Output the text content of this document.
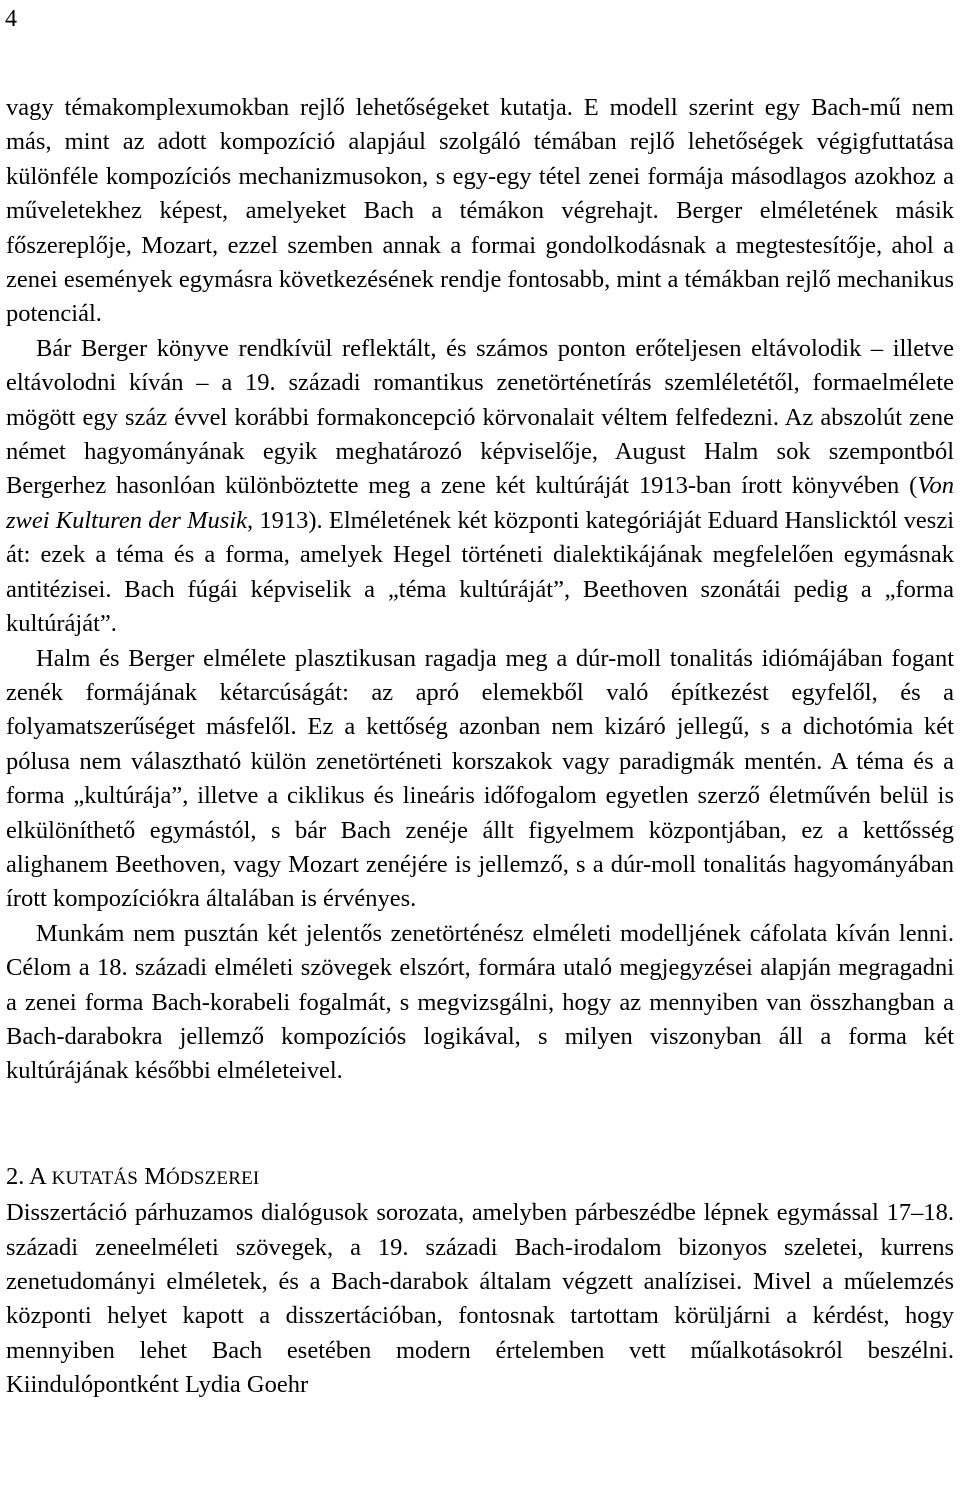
4

vagy témakomplexumokban rejlő lehetőségeket kutatja. E modell szerint egy Bach-mű nem más, mint az adott kompozíció alapjául szolgáló témában rejlő lehetőségek végigfuttatása különféle kompozíciós mechanizmusokon, s egy-egy tétel zenei formája másodlagos azokhoz a műveletekhez képest, amelyeket Bach a témákon végrehajt. Berger elméletének másik főszereplője, Mozart, ezzel szemben annak a formai gondolkodásnak a megtestesítője, ahol a zenei események egymásra következésének rendje fontosabb, mint a témákban rejlő mechanikus potenciál.

Bár Berger könyve rendkívül reflektált, és számos ponton erőteljesen eltávolodik – illetve eltávolodni kíván – a 19. századi romantikus zenetörténetírás szemléletétől, formaelmélete mögött egy száz évvel korábbi formakoncepció körvonalait véltem felfedezni. Az abszolút zene német hagyományának egyik meghatározó képviselője, August Halm sok szempontból Bergerhez hasonlóan különböztette meg a zene két kultúráját 1913-ban írott könyvében (Von zwei Kulturen der Musik, 1913). Elméletének két központi kategóriáját Eduard Hanslicktól veszi át: ezek a téma és a forma, amelyek Hegel történeti dialektikájának megfelelően egymásnak antitézisei. Bach fúgái képviselik a „téma kultúráját”, Beethoven szonátái pedig a „forma kultúráját”.

Halm és Berger elmélete plasztikusan ragadja meg a dúr-moll tonalitás idiómájában fogant zenék formájának kétarcúságát: az apró elemekből való építkezést egyfelől, és a folyamatszerűséget másfelől. Ez a kettőség azonban nem kizáró jellegű, s a dichotómia két pólusa nem választható külön zenetörténeti korszakok vagy paradigmák mentén. A téma és a forma „kultúrája”, illetve a ciklikus és lineáris időfogalom egyetlen szerző életművén belül is elkülöníthető egymástól, s bár Bach zenéje állt figyelmem központjában, ez a kettősség alighanem Beethoven, vagy Mozart zenéjére is jellemző, s a dúr-moll tonalitás hagyományában írott kompozíciókra általában is érvényes.

Munkám nem pusztán két jelentős zenetörténész elméleti modelljének cáfolata kíván lenni. Célom a 18. századi elméleti szövegek elszórt, formára utaló megjegyzései alapján megragadni a zenei forma Bach-korabeli fogalmát, s megvizsgálni, hogy az mennyiben van összhangban a Bach-darabokra jellemző kompozíciós logikával, s milyen viszonyban áll a forma két kultúrájának későbbi elméleteivel.

2. A KUTATÁS MÓDSZEREI

Disszertáció párhuzamos dialógusok sorozata, amelyben párbeszédbe lépnek egymással 17–18. századi zeneelméleti szövegek, a 19. századi Bach-irodalom bizonyos szeletei, kurrens zenetudományi elméletek, és a Bach-darabok általam végzett analízisei. Mivel a műelemzés központi helyet kapott a disszertációban, fontosnak tartottam körüljárni a kérdést, hogy mennyiben lehet Bach esetében modern értelemben vett műalkotásokról beszélni. Kiindulópontként Lydia Goehr
